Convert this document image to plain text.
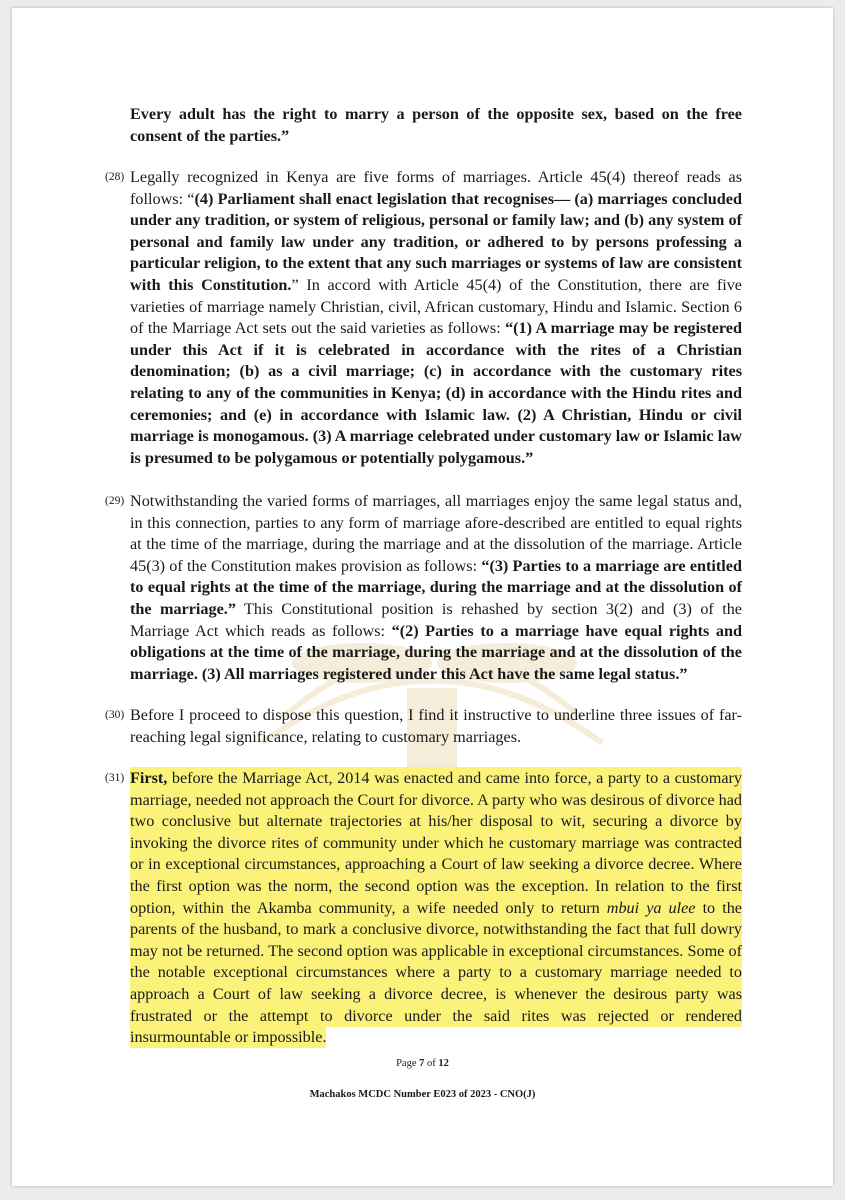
Every adult has the right to marry a person of the opposite sex, based on the free consent of the parties.”
(28) Legally recognized in Kenya are five forms of marriages. Article 45(4) thereof reads as follows: “(4) Parliament shall enact legislation that recognises— (a) marriages concluded under any tradition, or system of religious, personal or family law; and (b) any system of personal and family law under any tradition, or adhered to by persons professing a particular religion, to the extent that any such marriages or systems of law are consistent with this Constitution.” In accord with Article 45(4) of the Constitution, there are five varieties of marriage namely Christian, civil, African customary, Hindu and Islamic. Section 6 of the Marriage Act sets out the said varieties as follows: “(1) A marriage may be registered under this Act if it is celebrated in accordance with the rites of a Christian denomination; (b) as a civil marriage; (c) in accordance with the customary rites relating to any of the communities in Kenya; (d) in accordance with the Hindu rites and ceremonies; and (e) in accordance with Islamic law. (2) A Christian, Hindu or civil marriage is monogamous. (3) A marriage celebrated under customary law or Islamic law is presumed to be polygamous or potentially polygamous.”
(29) Notwithstanding the varied forms of marriages, all marriages enjoy the same legal status and, in this connection, parties to any form of marriage afore-described are entitled to equal rights at the time of the marriage, during the marriage and at the dissolution of the marriage. Article 45(3) of the Constitution makes provision as follows: “(3) Parties to a marriage are entitled to equal rights at the time of the marriage, during the marriage and at the dissolution of the marriage.” This Constitutional position is rehashed by section 3(2) and (3) of the Marriage Act which reads as follows: “(2) Parties to a marriage have equal rights and obligations at the time of the marriage, during the marriage and at the dissolution of the marriage. (3) All marriages registered under this Act have the same legal status.”
(30) Before I proceed to dispose this question, I find it instructive to underline three issues of far-reaching legal significance, relating to customary marriages.
(31) First, before the Marriage Act, 2014 was enacted and came into force, a party to a customary marriage, needed not approach the Court for divorce. A party who was desirous of divorce had two conclusive but alternate trajectories at his/her disposal to wit, securing a divorce by invoking the divorce rites of community under which he customary marriage was contracted or in exceptional circumstances, approaching a Court of law seeking a divorce decree. Where the first option was the norm, the second option was the exception. In relation to the first option, within the Akamba community, a wife needed only to return mbui ya ulee to the parents of the husband, to mark a conclusive divorce, notwithstanding the fact that full dowry may not be returned. The second option was applicable in exceptional circumstances. Some of the notable exceptional circumstances where a party to a customary marriage needed to approach a Court of law seeking a divorce decree, is whenever the desirous party was frustrated or the attempt to divorce under the said rites was rejected or rendered insurmountable or impossible.
Page 7 of 12
Machakos MCDC Number E023 of 2023 - CNO(J)
